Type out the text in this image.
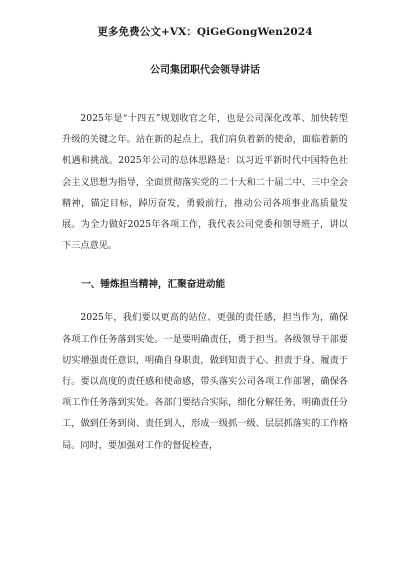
更多免费公文+VX：QiGeGongWen2024
公司集团职代会领导讲话

2025年是“十四五”规划收官之年，也是公司深化改革、加快转型升级的关键之年。站在新的起点上，我们肩负着新的使命，面临着新的机遇和挑战。2025年公司的总体思路是：以习近平新时代中国特色社会主义思想为指导，全面贯彻落实党的二十大和二十届二中、三中全会精神，锚定目标，踔厉奋发，勇毅前行，推动公司各项事业高质量发展。为全力做好2025年各项工作，我代表公司党委和领导班子，讲以下三点意见。

一、锤炼担当精神，汇聚奋进动能

2025年，我们要以更高的站位、更强的责任感，担当作为，确保各项工作任务落到实处。一是要明确责任，勇于担当。各级领导干部要切实增强责任意识，明确自身职责，做到知责于心、担责于身、履责于行。要以高度的责任感和使命感，带头落实公司各项工作部署，确保各项工作任务落到实处。各部门要结合实际，细化分解任务，明确责任分工，做到任务到岗、责任到人，形成一级抓一级、层层抓落实的工作格局。同时，要加强对工作的督促检查，
